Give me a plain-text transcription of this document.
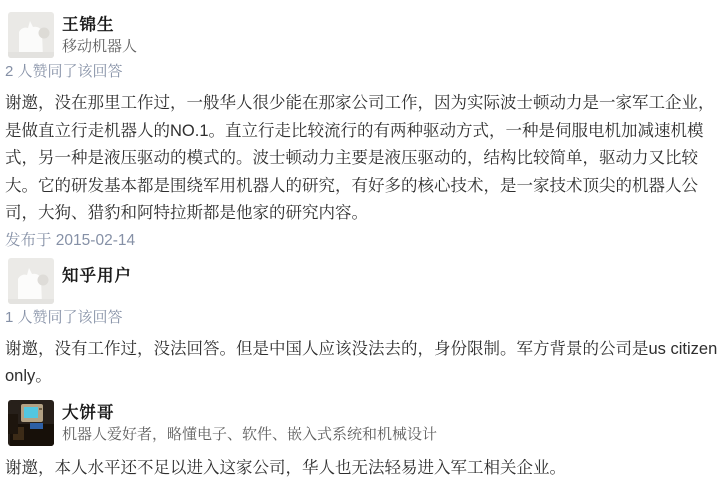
王锦生
移动机器人
2 人赞同了该回答
谢邀，没在那里工作过，一般华人很少能在那家公司工作，因为实际波士顿动力是一家军工企业，
是做直立行走机器人的NO.1。直立行走比较流行的有两种驱动方式，一种是伺服电机加减速机模
式，另一种是液压驱动的模式的。波士顿动力主要是液压驱动的，结构比较简单，驱动力又比较
大。它的研发基本都是围绕军用机器人的研究，有好多的核心技术，是一家技术顶尖的机器人公
司，大狗、猎豹和阿特拉斯都是他家的研究内容。
发布于 2015-02-14
知乎用户
1 人赞同了该回答
谢邀，没有工作过，没法回答。但是中国人应该没法去的，身份限制。军方背景的公司是us citizen
only。
大饼哥
机器人爱好者，略懂电子、软件、嵌入式系统和机械设计
谢邀，本人水平还不足以进入这家公司，华人也无法轻易进入军工相关企业。
